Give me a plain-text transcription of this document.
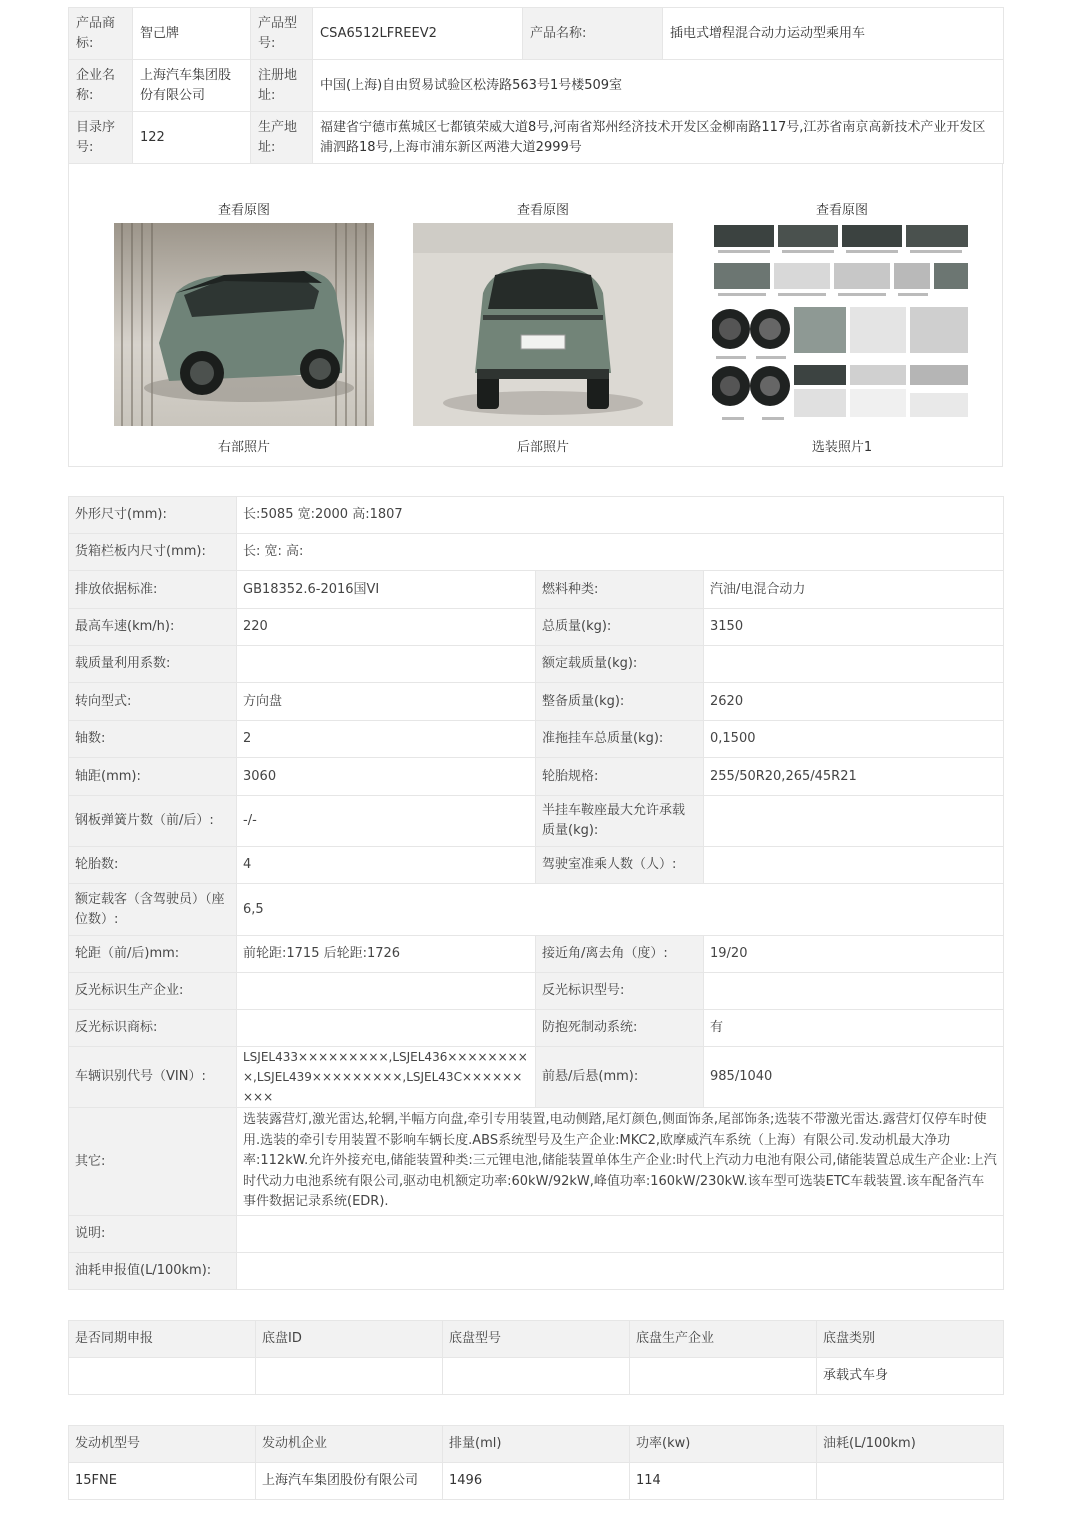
产品商标:	智己牌	产品型号:	CSA6512LFREEV2	产品名称:	插电式增程混合动力运动型乘用车
企业名称:	上海汽车集团股份有限公司	注册地址:	中国(上海)自由贸易试验区松涛路563号1号楼509室		
目录序号:	122	生产地址:	福建省宁德市蕉城区七都镇荣威大道8号,河南省郑州经济技术开发区金柳南路117号,江苏省南京高新技术产业开发区浦泗路18号,上海市浦东新区两港大道2999号		
查看原图
右部照片
查看原图
后部照片
查看原图
选装照片1
外形尺寸(mm):	长:5085 宽:2000 高:1807		
货箱栏板内尺寸(mm):	长: 宽: 高:		
排放依据标准:	GB18352.6-2016国VI	燃料种类:	汽油/电混合动力
最高车速(km/h):	220	总质量(kg):	3150
载质量利用系数:		额定载质量(kg):	
转向型式:	方向盘	整备质量(kg):	2620
轴数:	2	准拖挂车总质量(kg):	0,1500
轴距(mm):	3060	轮胎规格:	255/50R20,265/45R21
钢板弹簧片数（前/后）:	-/-	半挂车鞍座最大允许承载质量(kg):	
轮胎数:	4	驾驶室准乘人数（人）:	
额定载客（含驾驶员）（座位数）:	6,5		
轮距（前/后)mm:	前轮距:1715 后轮距:1726	接近角/离去角（度）:	19/20
反光标识生产企业:		反光标识型号:	
反光标识商标:		防抱死制动系统:	有
车辆识别代号（VIN）:	LSJEL433×××××××××,LSJEL436×××××××××,LSJEL439×××××××××,LSJEL43C×××××××××	前悬/后悬(mm):	985/1040
其它:	选装露营灯,激光雷达,轮辋,半幅方向盘,牵引专用装置,电动侧踏,尾灯颜色,侧面饰条,尾部饰条;选装不带激光雷达.露营灯仅停车时使用.选装的牵引专用装置不影响车辆长度.ABS系统型号及生产企业:MKC2,欧摩威汽车系统（上海）有限公司.发动机最大净功率:112kW.允许外接充电,储能装置种类:三元锂电池,储能装置单体生产企业:时代上汽动力电池有限公司,储能装置总成生产企业:上汽时代动力电池系统有限公司,驱动电机额定功率:60kW/92kW,峰值功率:160kW/230kW.该车型可选装ETC车载装置.该车配备汽车事件数据记录系统(EDR).		
说明:			
油耗申报值(L/100km):			
是否同期申报	底盘ID	底盘型号	底盘生产企业	底盘类别
				承载式车身
发动机型号	发动机企业	排量(ml)	功率(kw)	油耗(L/100km)
15FNE	上海汽车集团股份有限公司	1496	114	
